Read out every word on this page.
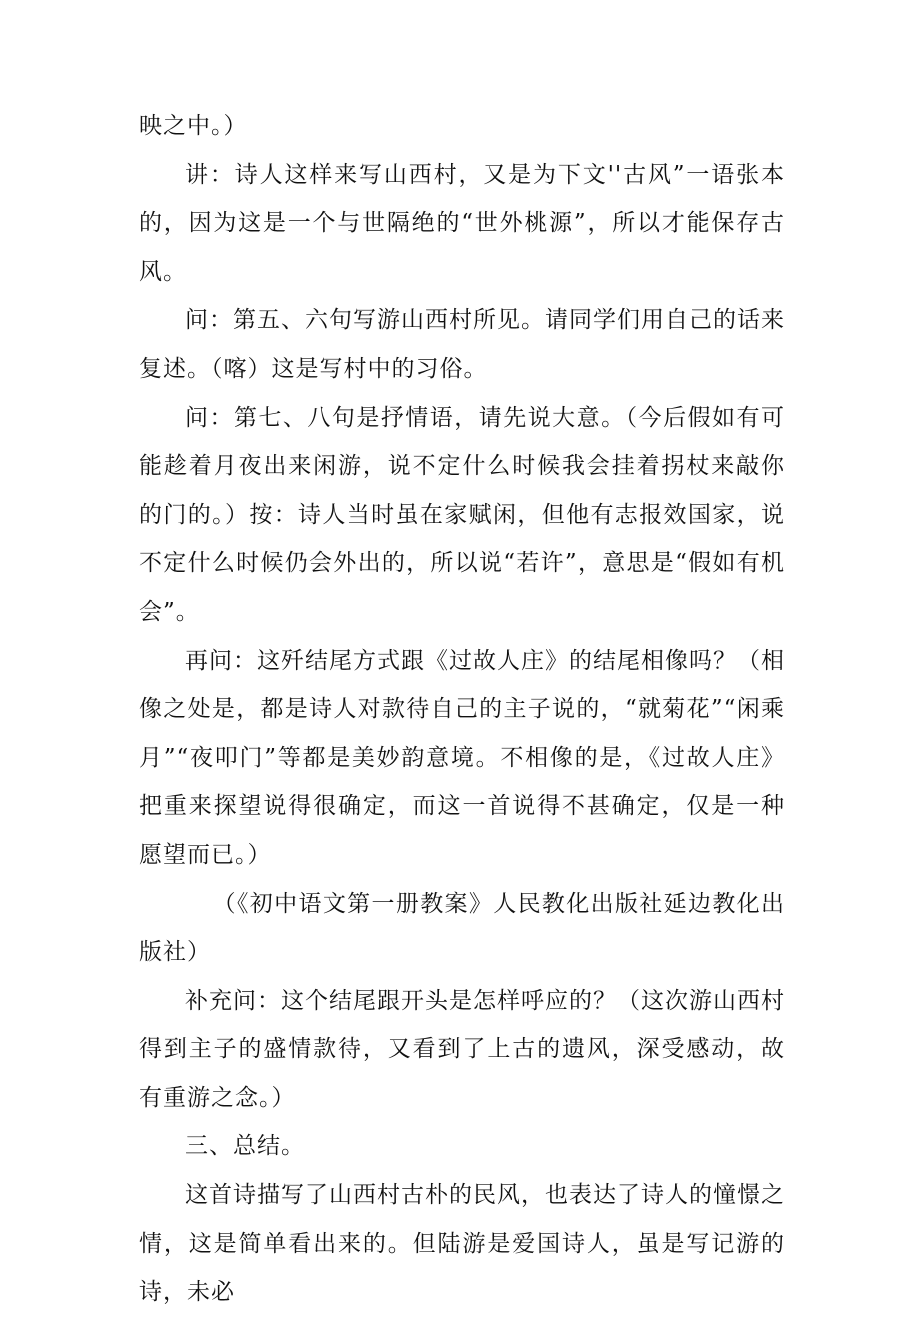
映之中。）

讲：诗人这样来写山西村，又是为下文''古风”一语张本的，因为这是一个与世隔绝的“世外桃源”，所以才能保存古风。

问：第五、六句写游山西村所见。请同学们用自己的话来复述。（喀）这是写村中的习俗。

问：第七、八句是抒情语，请先说大意。（今后假如有可能趁着月夜出来闲游，说不定什么时候我会挂着拐杖来敲你的门的。）按：诗人当时虽在家赋闲，但他有志报效国家，说不定什么时候仍会外出的，所以说“若许”，意思是“假如有机会”。

再问：这歼结尾方式跟《过故人庄》的结尾相像吗？（相像之处是，都是诗人对款待自己的主子说的，“就菊花”“闲乘月”“夜叩门”等都是美妙韵意境。不相像的是，《过故人庄》把重来探望说得很确定，而这一首说得不甚确定，仅是一种愿望而已。）

（《初中语文第一册教案》人民教化出版社延边教化出版社）

补充问：这个结尾跟开头是怎样呼应的？（这次游山西村得到主子的盛情款待，又看到了上古的遗风，深受感动，故有重游之念。）

三、总结。

这首诗描写了山西村古朴的民风，也表达了诗人的憧憬之情，这是简单看出来的。但陆游是爱国诗人，虽是写记游的诗，未必
